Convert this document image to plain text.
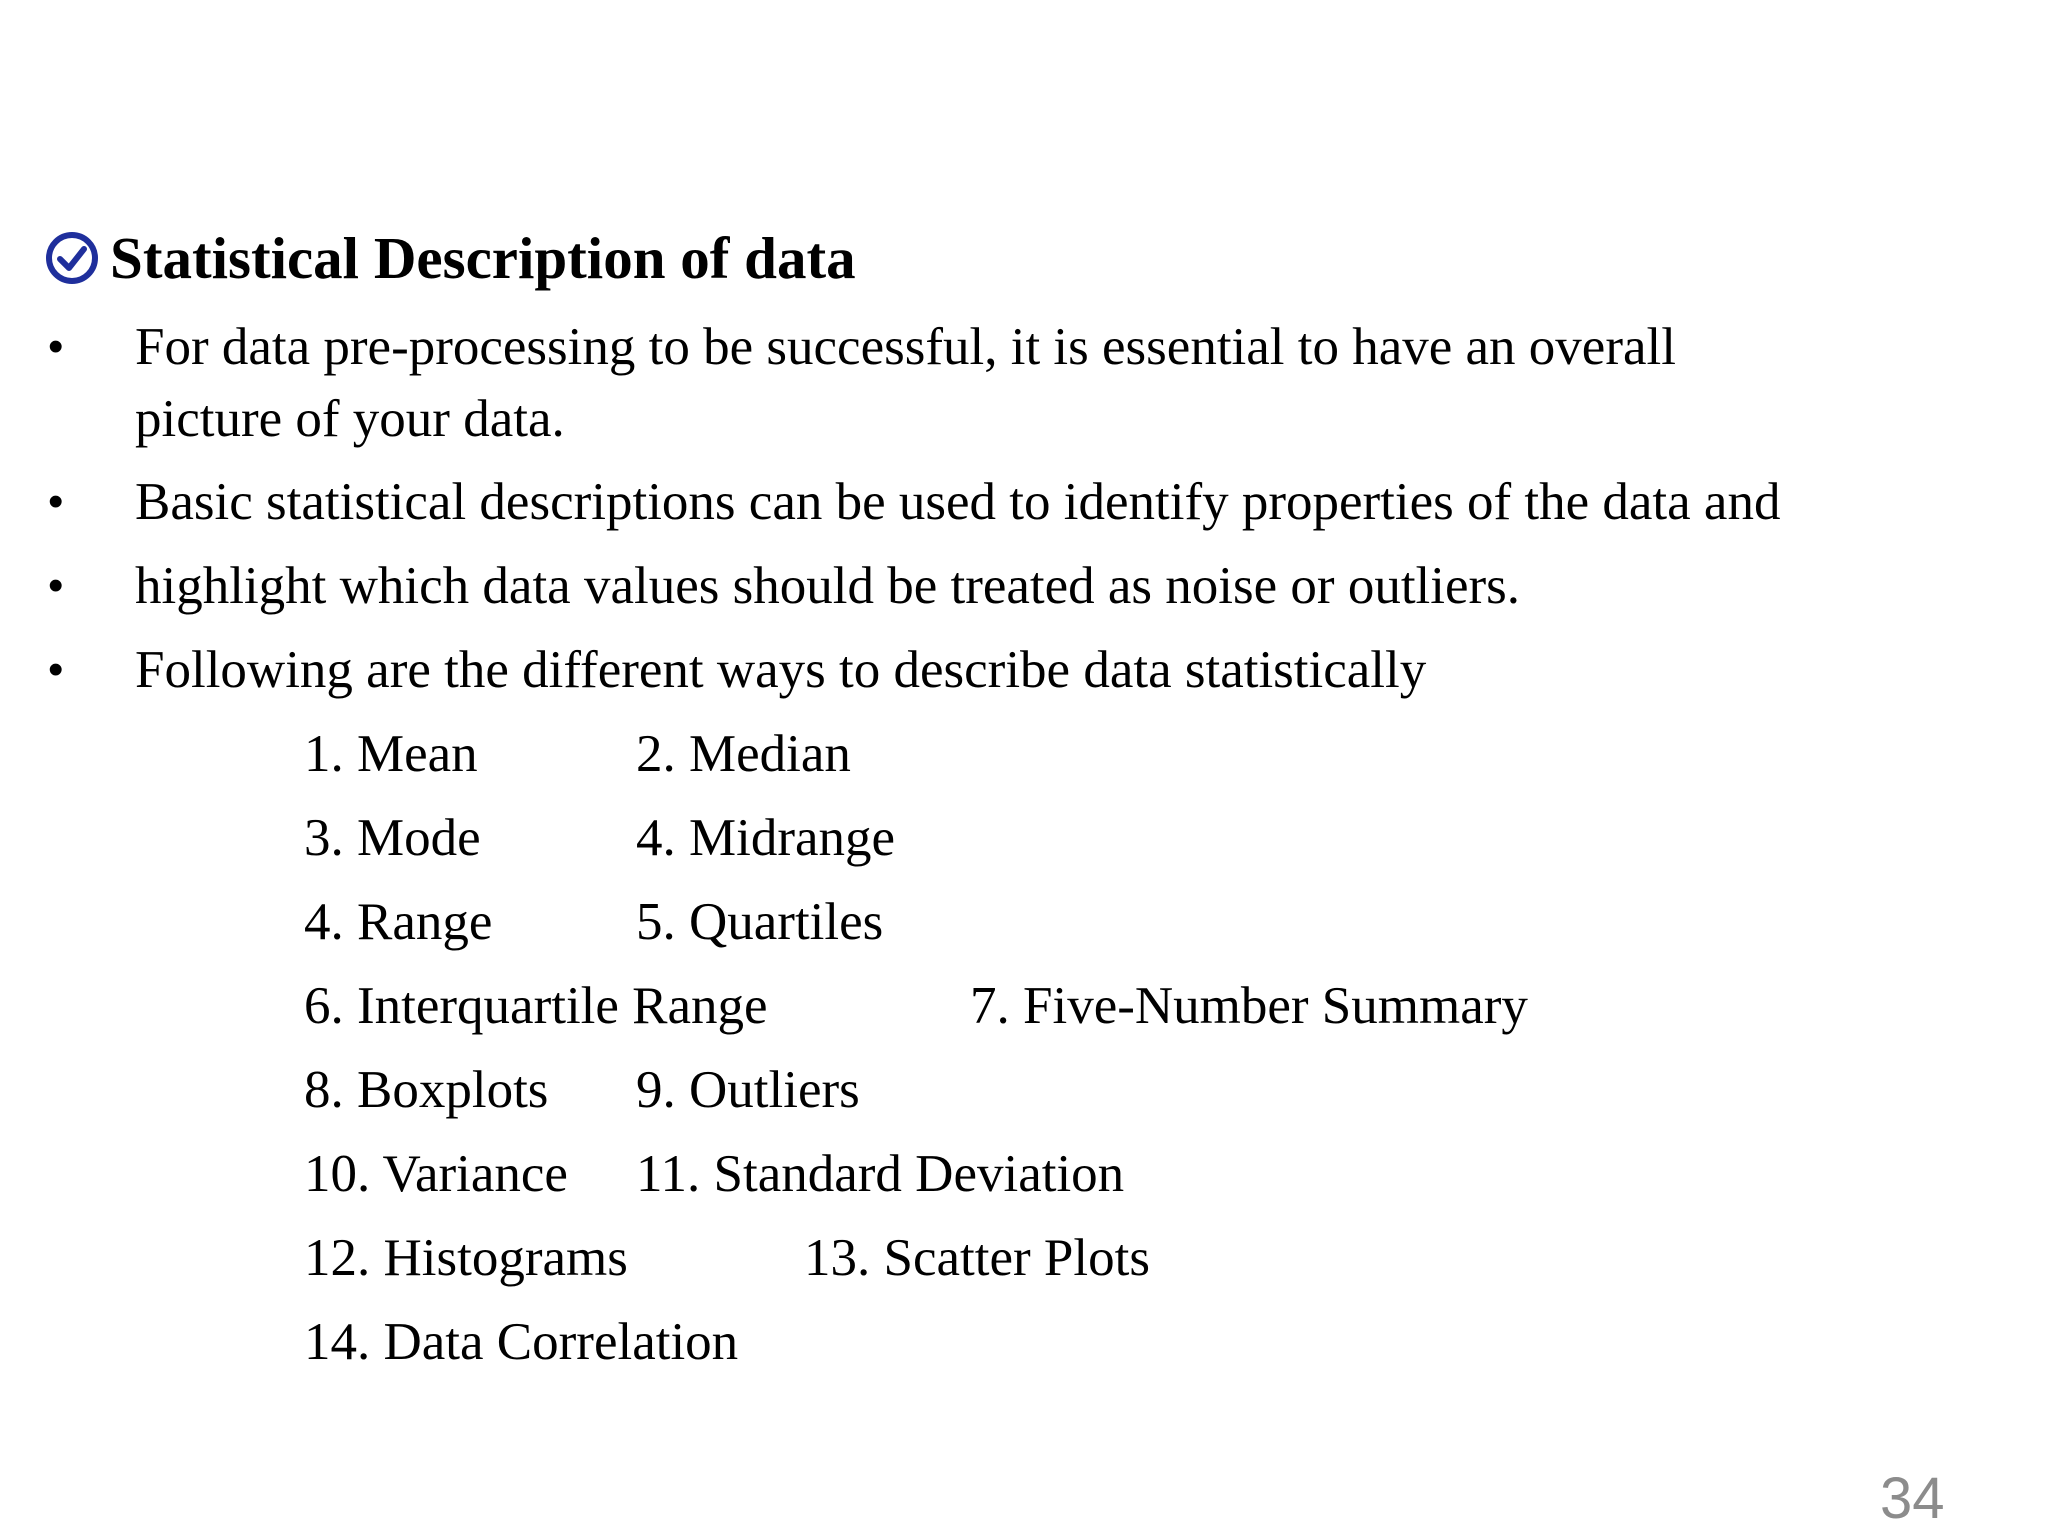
Statistical Description of data
• For data pre-processing to be successful, it is essential to have an overall
picture of your data.
• Basic statistical descriptions can be used to identify properties of the data and
• highlight which data values should be treated as noise or outliers.
• Following are the different ways to describe data statistically
1. Mean	2. Median
3. Mode	4. Midrange
4. Range	5. Quartiles
6. Interquartile Range	7. Five-Number Summary
8. Boxplots 9. Outliers
10. Variance 11. Standard Deviation
12. Histograms	13. Scatter Plots
14. Data Correlation
34
